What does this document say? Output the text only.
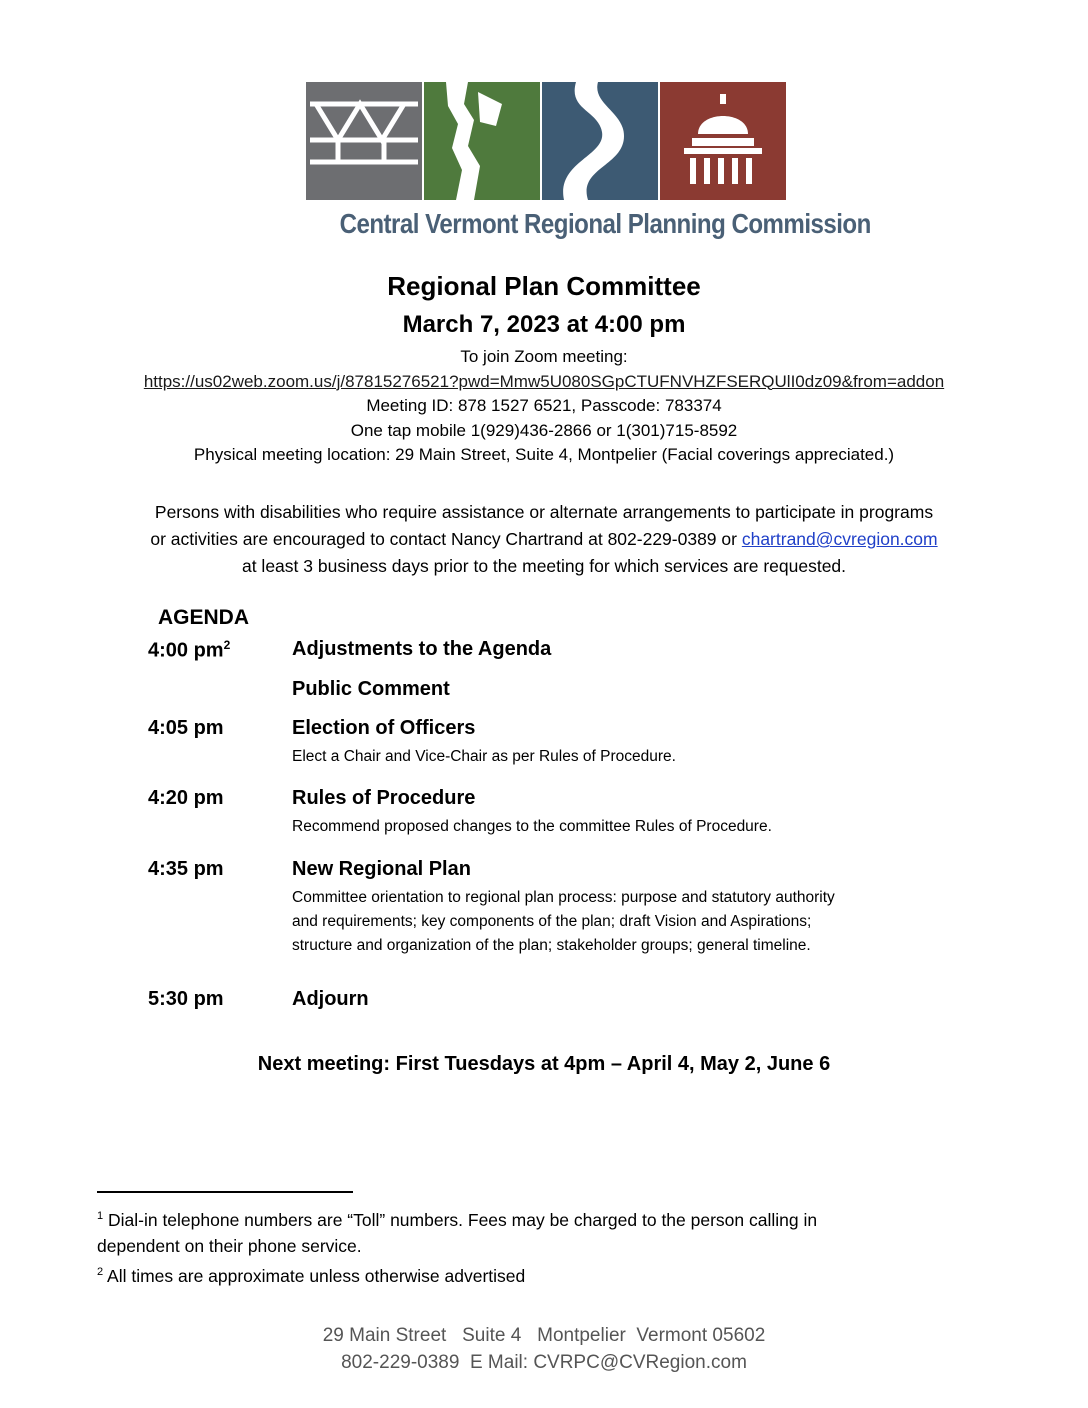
Central Vermont Regional Planning Commission
Regional Plan Committee
March 7, 2023 at 4:00 pm
To join Zoom meeting:
https://us02web.zoom.us/j/87815276521?pwd=Mmw5U080SGpCTUFNVHZFSERQUlI0dz09&from=addon
Meeting ID: 878 1527 6521, Passcode: 783374
One tap mobile 1(929)436-2866 or 1(301)715-8592
Physical meeting location: 29 Main Street, Suite 4, Montpelier (Facial coverings appreciated.)
Persons with disabilities who require assistance or alternate arrangements to participate in programs
or activities are encouraged to contact Nancy Chartrand at 802-229-0389 or chartrand@cvregion.com
at least 3 business days prior to the meeting for which services are requested.
AGENDA
4:00 $pm^2$	Adjustments to the Agenda
Public Comment
4:05 pm	Election of Officers
Elect a Chair and Vice-Chair as per Rules of Procedure.
4:20 pm	Rules of Procedure
Recommend proposed changes to the committee Rules of Procedure.
4:35 pm	New Regional Plan
Committee orientation to regional plan process: purpose and statutory authority
and requirements; key components of the plan; draft Vision and Aspirations;
structure and organization of the plan; stakeholder groups; general timeline.
5:30 pm	Adjourn
Next meeting: First Tuesdays at 4pm – April 4, May 2, June 6
$^1$ Dial-in telephone numbers are “Toll” numbers. Fees may be charged to the person calling in
dependent on their phone service.
$^2$ All times are approximate unless otherwise advertised
29 Main Street   Suite 4   Montpelier  Vermont 05602
802-229-0389  E Mail: CVRPC@CVRegion.com
